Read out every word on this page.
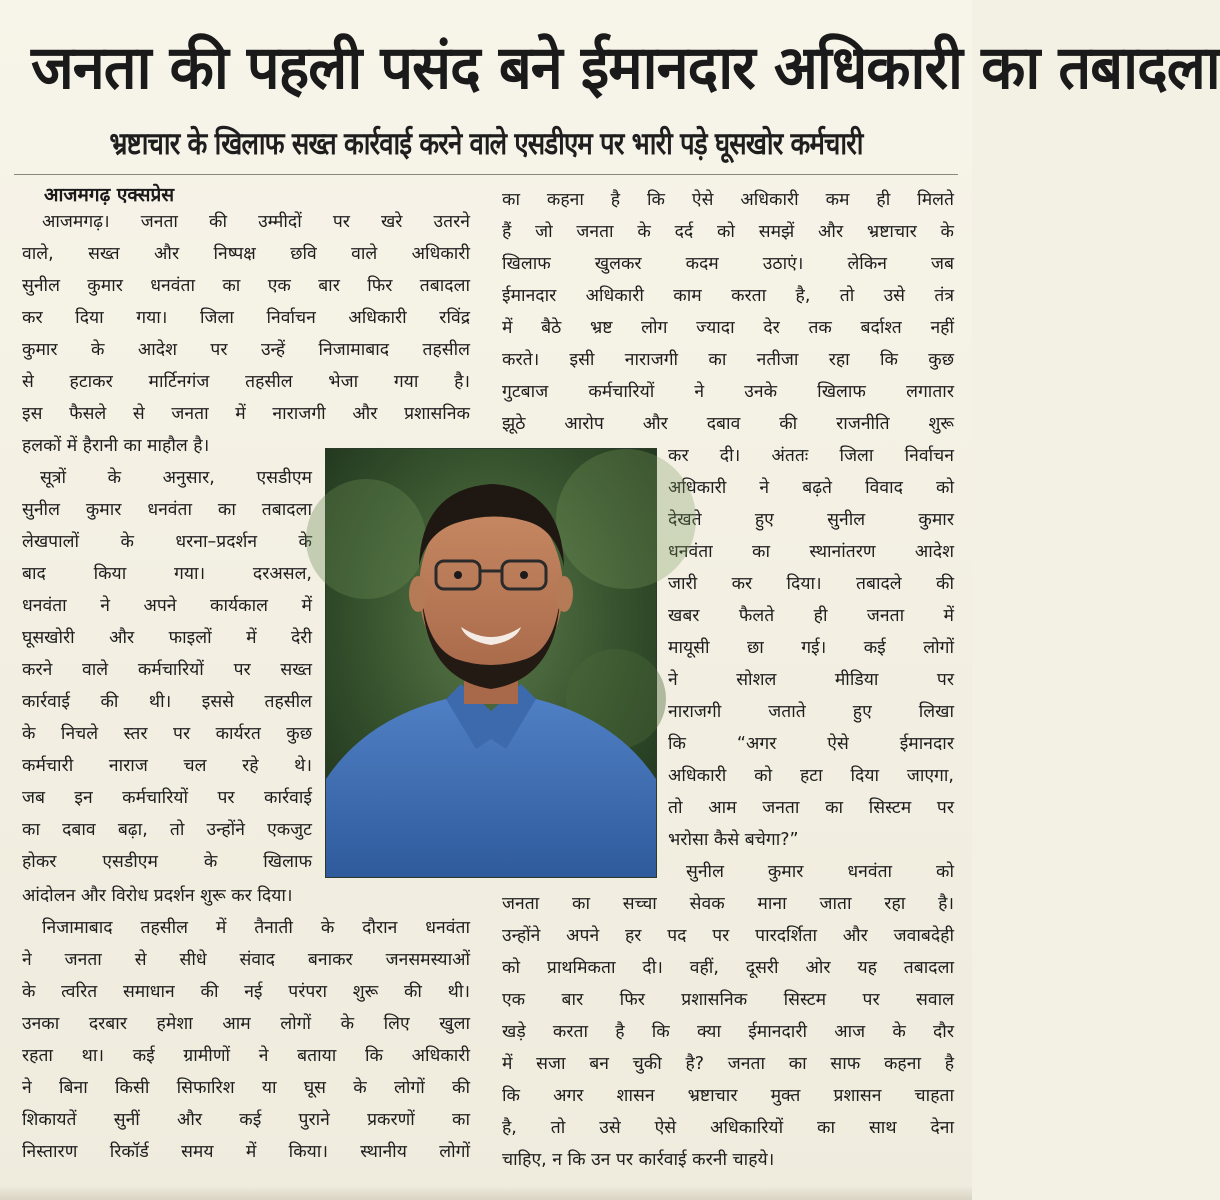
जनता की पहली पसंद बने ईमानदार अधिकारी का तबादला
भ्रष्टाचार के खिलाफ सख्त कार्रवाई करने वाले एसडीएम पर भारी पड़े घूसखोर कर्मचारी
आजमगढ़ एक्सप्रेस
आजमगढ़। जनता की उम्मीदों पर खरे उतरने
वाले, सख्त और निष्पक्ष छवि वाले अधिकारी
सुनील कुमार धनवंता का एक बार फिर तबादला
कर दिया गया। जिला निर्वाचन अधिकारी रविंद्र
कुमार के आदेश पर उन्हें निजामाबाद तहसील
से हटाकर मार्टिनगंज तहसील भेजा गया है।
इस फैसले से जनता में नाराजगी और प्रशासनिक
हलकों में हैरानी का माहौल है।
सूत्रों के अनुसार, एसडीएम
सुनील कुमार धनवंता का तबादला
लेखपालों के धरना–प्रदर्शन के
बाद किया गया। दरअसल,
धनवंता ने अपने कार्यकाल में
घूसखोरी और फाइलों में देरी
करने वाले कर्मचारियों पर सख्त
कार्रवाई की थी। इससे तहसील
के निचले स्तर पर कार्यरत कुछ
कर्मचारी नाराज चल रहे थे।
जब इन कर्मचारियों पर कार्रवाई
का दबाव बढ़ा, तो उन्होंने एकजुट
होकर एसडीएम के खिलाफ
आंदोलन और विरोध प्रदर्शन शुरू कर दिया।
निजामाबाद तहसील में तैनाती के दौरान धनवंता
ने जनता से सीधे संवाद बनाकर जनसमस्याओं
के त्वरित समाधान की नई परंपरा शुरू की थी।
उनका दरबार हमेशा आम लोगों के लिए खुला
रहता था। कई ग्रामीणों ने बताया कि अधिकारी
ने बिना किसी सिफारिश या घूस के लोगों की
शिकायतें सुनीं और कई पुराने प्रकरणों का
निस्तारण रिकॉर्ड समय में किया। स्थानीय लोगों
का कहना है कि ऐसे अधिकारी कम ही मिलते
हैं जो जनता के दर्द को समझें और भ्रष्टाचार के
खिलाफ खुलकर कदम उठाएं। लेकिन जब
ईमानदार अधिकारी काम करता है, तो उसे तंत्र
में बैठे भ्रष्ट लोग ज्यादा देर तक बर्दाश्त नहीं
करते। इसी नाराजगी का नतीजा रहा कि कुछ
गुटबाज कर्मचारियों ने उनके खिलाफ लगातार
झूठे आरोप और दबाव की राजनीति शुरू
कर दी। अंततः जिला निर्वाचन
अधिकारी ने बढ़ते विवाद को
देखते हुए सुनील कुमार
धनवंता का स्थानांतरण आदेश
जारी कर दिया। तबादले की
खबर फैलते ही जनता में
मायूसी छा गई। कई लोगों
ने सोशल मीडिया पर
नाराजगी जताते हुए लिखा
कि “अगर ऐसे ईमानदार
अधिकारी को हटा दिया जाएगा,
तो आम जनता का सिस्टम पर
भरोसा कैसे बचेगा?”
सुनील कुमार धनवंता को
जनता का सच्चा सेवक माना जाता रहा है।
उन्होंने अपने हर पद पर पारदर्शिता और जवाबदेही
को प्राथमिकता दी। वहीं, दूसरी ओर यह तबादला
एक बार फिर प्रशासनिक सिस्टम पर सवाल
खड़े करता है कि क्या ईमानदारी आज के दौर
में सजा बन चुकी है? जनता का साफ कहना है
कि अगर शासन भ्रष्टाचार मुक्त प्रशासन चाहता
है, तो उसे ऐसे अधिकारियों का साथ देना
चाहिए, न कि उन पर कार्रवाई करनी चाहये।
